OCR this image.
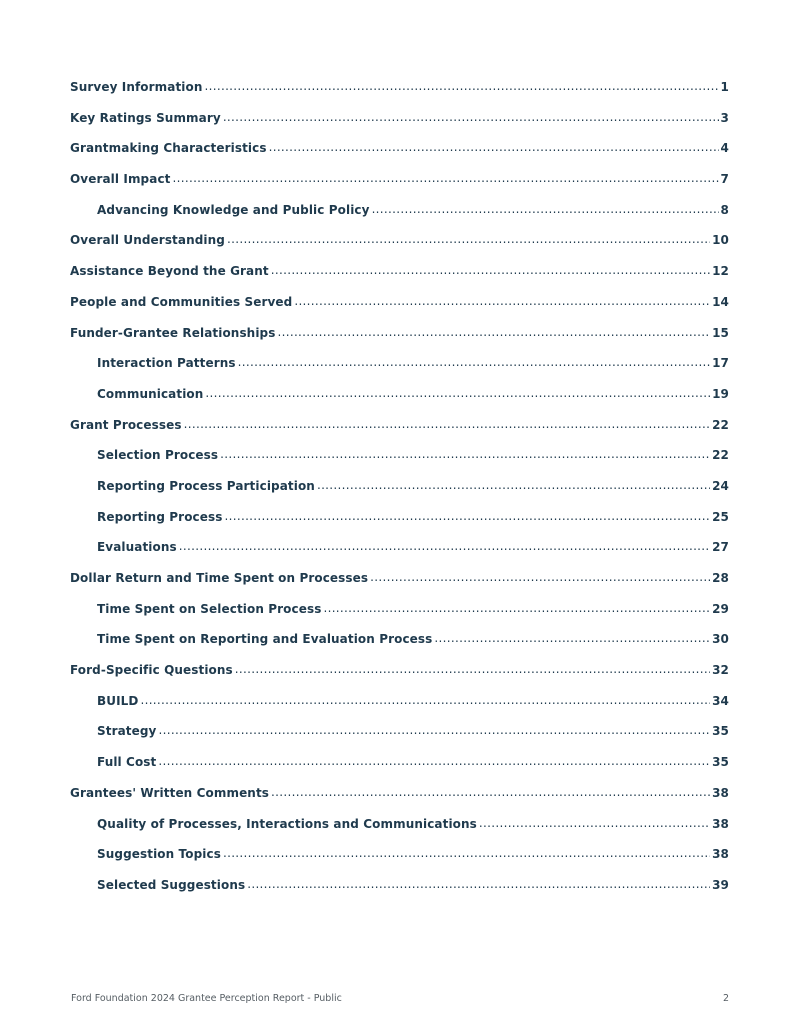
Survey Information .....	1
Key Ratings Summary .....	3
Grantmaking Characteristics .....	4
Overall Impact .....	7
Advancing Knowledge and Public Policy .....	8
Overall Understanding .....	10
Assistance Beyond the Grant .....	12
People and Communities Served .....	14
Funder-Grantee Relationships .....	15
Interaction Patterns .....	17
Communication .....	19
Grant Processes .....	22
Selection Process .....	22
Reporting Process Participation .....	24
Reporting Process .....	25
Evaluations .....	27
Dollar Return and Time Spent on Processes .....	28
Time Spent on Selection Process .....	29
Time Spent on Reporting and Evaluation Process .....	30
Ford-Specific Questions .....	32
BUILD .....	34
Strategy .....	35
Full Cost .....	35
Grantees' Written Comments .....	38
Quality of Processes, Interactions and Communications .....	38
Suggestion Topics .....	38
Selected Suggestions .....	39
Ford Foundation 2024 Grantee Perception Report - Public	2
